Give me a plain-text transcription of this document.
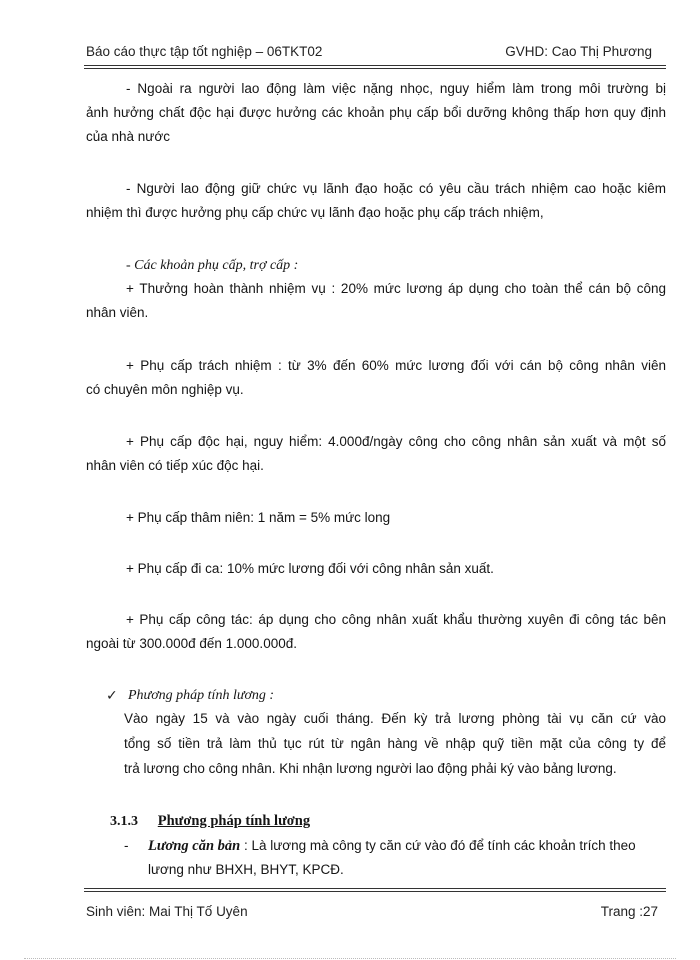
Báo cáo thực tập tốt nghiệp – 06TKT02	GVHD: Cao Thị Phương
- Ngoài ra người lao động làm việc nặng nhọc, nguy hiểm làm trong môi trường bị
ảnh hưởng chất độc hại được hưởng các khoản phụ cấp bổi dưỡng không thấp hơn quy định
của nhà nước
- Người lao động giữ chức vụ lãnh đạo hoặc có yêu cầu trách nhiệm cao hoặc kiêm
nhiệm thì được hưởng phụ cấp chức vụ lãnh đạo hoặc phụ cấp trách nhiệm,
- Các khoản phụ cấp, trợ cấp :
+ Thưởng hoàn thành nhiệm vụ : 20% mức lương áp dụng cho toàn thể cán bộ công
nhân viên.
+ Phụ cấp trách nhiệm : từ 3% đến 60% mức lương đối với cán bộ công nhân viên
có chuyên môn nghiệp vụ.
+ Phụ cấp độc hại, nguy hiểm: 4.000đ/ngày công cho công nhân sản xuất và một số
nhân viên có tiếp xúc độc hại.
+ Phụ cấp thâm niên: 1 năm = 5% mức long
+ Phụ cấp đi ca: 10% mức lương đối với công nhân sản xuất.
+ Phụ cấp công tác: áp dụng cho công nhân xuất khẩu thường xuyên đi công tác bên
ngoài từ 300.000đ đến 1.000.000đ.
✓ Phương pháp tính lương :
Vào ngày 15 và vào ngày cuối tháng. Đến kỳ trả lương phòng tài vụ căn cứ vào
tổng số tiền trả làm thủ tục rút từ ngân hàng về nhập quỹ tiền mặt của công ty để
trả lương cho công nhân. Khi nhận lương người lao động phải ký vào bảng lương.
3.1.3 Phương pháp tính lương
- Lương căn bản : Là lương mà công ty căn cứ vào đó để tính các khoản trích theo
lương như BHXH, BHYT, KPCĐ.
Sinh viên: Mai Thị Tố Uyên	Trang :27
